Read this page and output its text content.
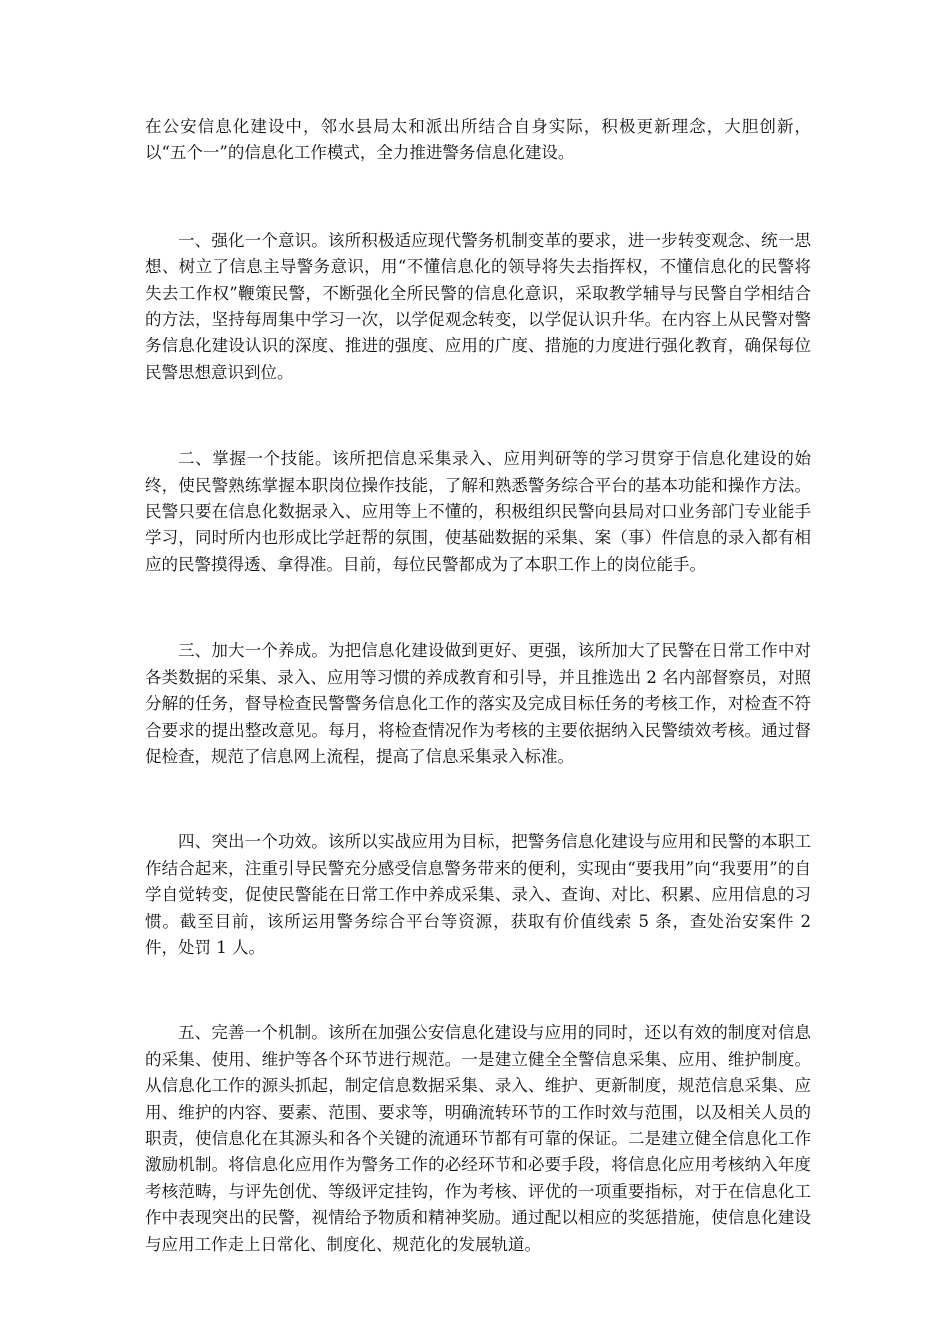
在公安信息化建设中，邻水县局太和派出所结合自身实际，积极更新理念，大胆创新，以“五个一”的信息化工作模式，全力推进警务信息化建设。

一、强化一个意识。该所积极适应现代警务机制变革的要求，进一步转变观念、统一思想、树立了信息主导警务意识，用“不懂信息化的领导将失去指挥权，不懂信息化的民警将失去工作权”鞭策民警，不断强化全所民警的信息化意识，采取教学辅导与民警自学相结合的方法，坚持每周集中学习一次，以学促观念转变，以学促认识升华。在内容上从民警对警务信息化建设认识的深度、推进的强度、应用的广度、措施的力度进行强化教育，确保每位民警思想意识到位。

二、掌握一个技能。该所把信息采集录入、应用判研等的学习贯穿于信息化建设的始终，使民警熟练掌握本职岗位操作技能，了解和熟悉警务综合平台的基本功能和操作方法。民警只要在信息化数据录入、应用等上不懂的，积极组织民警向县局对口业务部门专业能手学习，同时所内也形成比学赶帮的氛围，使基础数据的采集、案（事）件信息的录入都有相应的民警摸得透、拿得准。目前，每位民警都成为了本职工作上的岗位能手。

三、加大一个养成。为把信息化建设做到更好、更强，该所加大了民警在日常工作中对各类数据的采集、录入、应用等习惯的养成教育和引导，并且推选出 2 名内部督察员，对照分解的任务，督导检查民警警务信息化工作的落实及完成目标任务的考核工作，对检查不符合要求的提出整改意见。每月，将检查情况作为考核的主要依据纳入民警绩效考核。通过督促检查，规范了信息网上流程，提高了信息采集录入标准。

四、突出一个功效。该所以实战应用为目标，把警务信息化建设与应用和民警的本职工作结合起来，注重引导民警充分感受信息警务带来的便利，实现由“要我用”向“我要用”的自学自觉转变，促使民警能在日常工作中养成采集、录入、查询、对比、积累、应用信息的习惯。截至目前，该所运用警务综合平台等资源，获取有价值线索 5 条，查处治安案件 2 件，处罚 1 人。

五、完善一个机制。该所在加强公安信息化建设与应用的同时，还以有效的制度对信息的采集、使用、维护等各个环节进行规范。一是建立健全全警信息采集、应用、维护制度。从信息化工作的源头抓起，制定信息数据采集、录入、维护、更新制度，规范信息采集、应用、维护的内容、要素、范围、要求等，明确流转环节的工作时效与范围，以及相关人员的职责，使信息化在其源头和各个关键的流通环节都有可靠的保证。二是建立健全信息化工作激励机制。将信息化应用作为警务工作的必经环节和必要手段，将信息化应用考核纳入年度考核范畴，与评先创优、等级评定挂钩，作为考核、评优的一项重要指标，对于在信息化工作中表现突出的民警，视情给予物质和精神奖励。通过配以相应的奖惩措施，使信息化建设与应用工作走上日常化、制度化、规范化的发展轨道。
